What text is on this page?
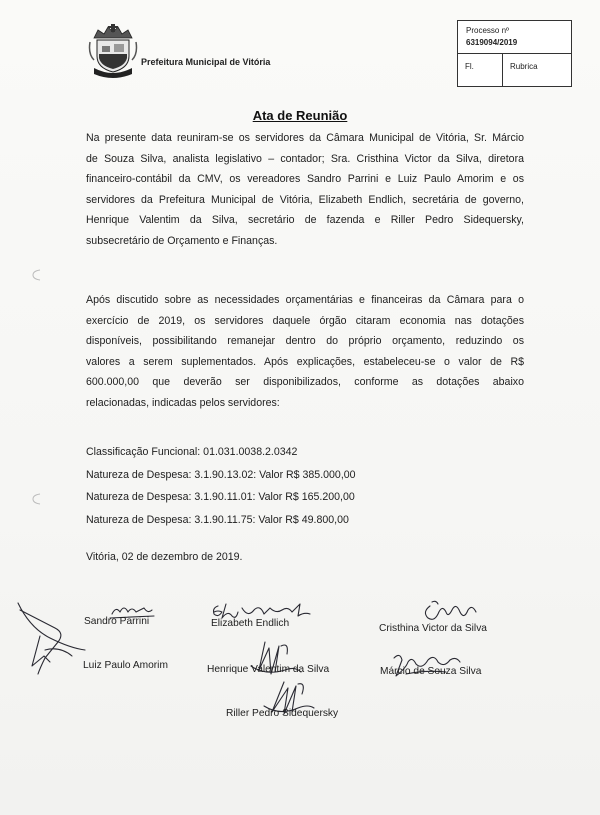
Prefeitura Municipal de Vitória
Processo nº
6319094/2019
Fl.	Rubrica
Ata de Reunião
Na presente data reuniram-se os servidores da Câmara Municipal de Vitória, Sr. Márcio
de Souza Silva, analista legislativo – contador; Sra. Cristhina Victor da Silva, diretora
financeiro-contábil da CMV, os vereadores Sandro Parrini e Luiz Paulo Amorim e os
servidores da Prefeitura Municipal de Vitória, Elizabeth Endlich, secretária de governo,
Henrique Valentim da Silva, secretário de fazenda e Riller Pedro Sidequersky,
subsecretário de Orçamento e Finanças.
Após discutido sobre as necessidades orçamentárias e financeiras da Câmara para o
exercício de 2019, os servidores daquele órgão citaram economia nas dotações
disponíveis, possibilitando remanejar dentro do próprio orçamento, reduzindo os
valores a serem suplementados. Após explicações, estabeleceu-se o valor de R$
600.000,00 que deverão ser disponibilizados, conforme as dotações abaixo
relacionadas, indicadas pelos servidores:
Classificação Funcional: 01.031.0038.2.0342
Natureza de Despesa: 3.1.90.13.02: Valor R$ 385.000,00
Natureza de Despesa: 3.1.90.11.01: Valor R$ 165.200,00
Natureza de Despesa: 3.1.90.11.75: Valor R$ 49.800,00
Vitória, 02 de dezembro de 2019.
Sandro Parrini	Elizabeth Endlich	Cristhina Victor da Silva
Luiz Paulo Amorim	Henrique Valentim da Silva	Márcio de Souza Silva
Riller Pedro Sidequersky
